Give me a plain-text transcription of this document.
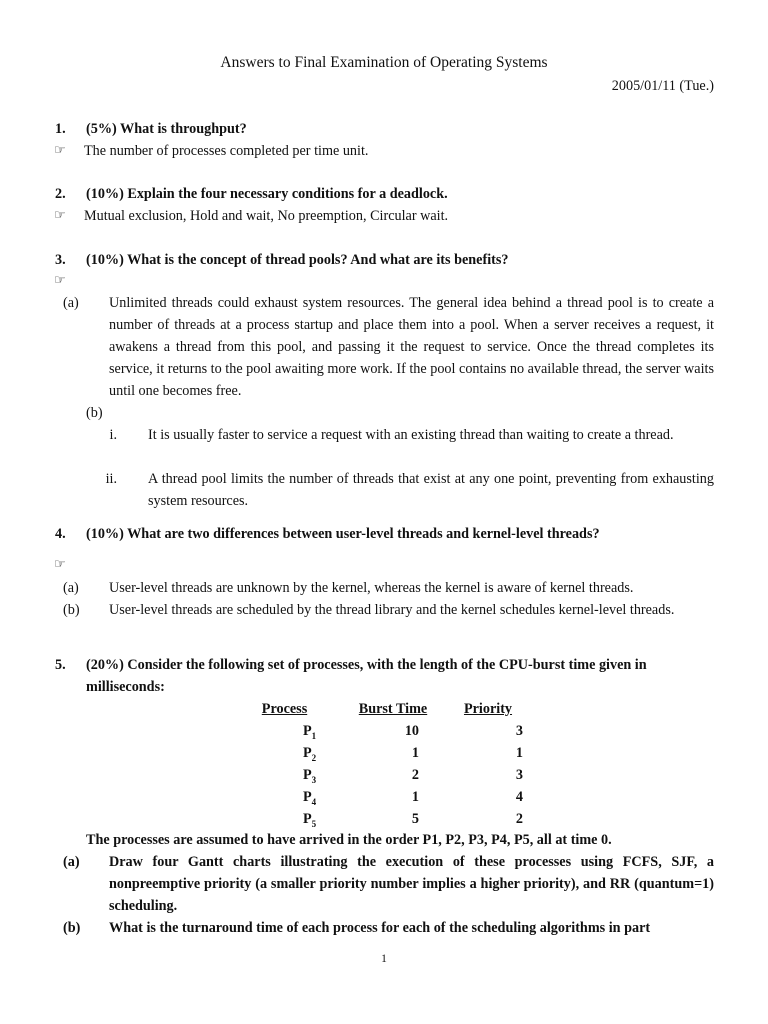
Answers to Final Examination of Operating Systems
2005/01/11 (Tue.)
1. (5%) What is throughput?
☞ The number of processes completed per time unit.
2. (10%) Explain the four necessary conditions for a deadlock.
☞ Mutual exclusion, Hold and wait, No preemption, Circular wait.
3. (10%) What is the concept of thread pools? And what are its benefits?
☞
(a) Unlimited threads could exhaust system resources. The general idea behind a thread pool is to create a number of threads at a process startup and place them into a pool. When a server receives a request, it awakens a thread from this pool, and passing it the request to service. Once the thread completes its service, it returns to the pool awaiting more work. If the pool contains no available thread, the server waits until one becomes free.
(b)
i. It is usually faster to service a request with an existing thread than waiting to create a thread.
ii. A thread pool limits the number of threads that exist at any one point, preventing from exhausting system resources.
4. (10%) What are two differences between user-level threads and kernel-level threads?
☞
(a) User-level threads are unknown by the kernel, whereas the kernel is aware of kernel threads.
(b) User-level threads are scheduled by the thread library and the kernel schedules kernel-level threads.
5. (20%) Consider the following set of processes, with the length of the CPU-burst time given in
milliseconds:
Process	Burst Time	Priority
$P_1$	10	3
$P_2$	1	1
$P_3$	2	3
$P_4$	1	4
$P_5$	5	2
The processes are assumed to have arrived in the order P1, P2, P3, P4, P5, all at time 0.
(a) Draw four Gantt charts illustrating the execution of these processes using FCFS, SJF, a nonpreemptive priority (a smaller priority number implies a higher priority), and RR (quantum=1) scheduling.
(b) What is the turnaround time of each process for each of the scheduling algorithms in part
1
